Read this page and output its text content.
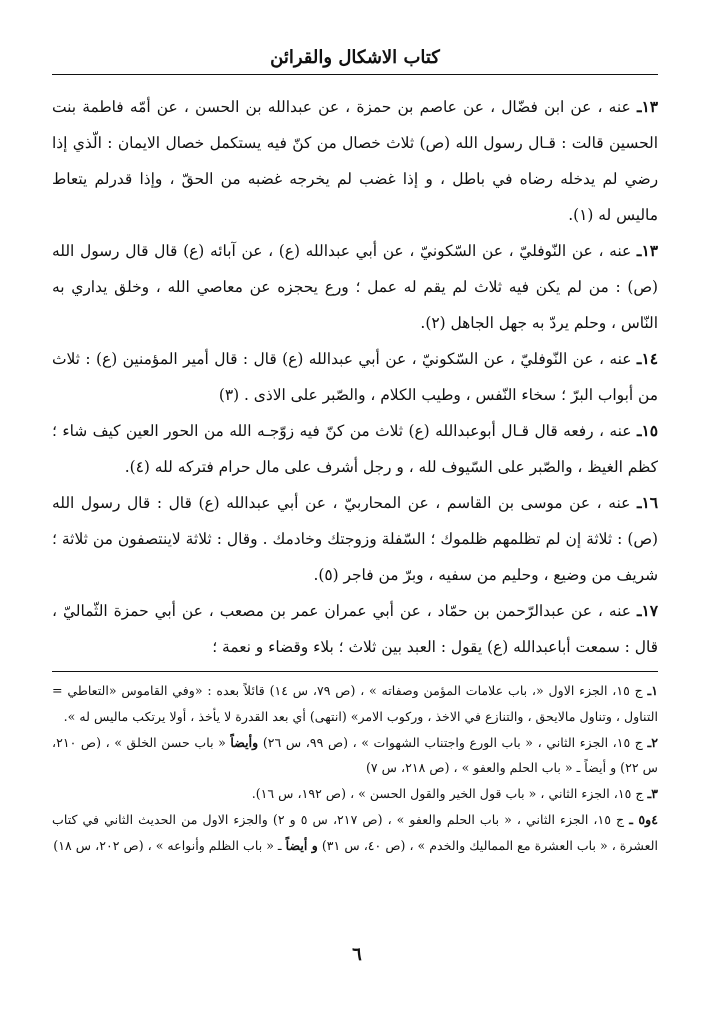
كتاب الاشكال والقرائن

١٣ـ عنه ، عن ابن فضّال ، عن عاصم بن حمزة ، عن عبدالله بن الحسن ، عن أمّه فاطمة بنت الحسين قالت : قـال رسول الله (ص) ثلاث خصال من كنّ فيه يستكمل خصال الايمان : الّذي إذا رضي لم يدخله رضاه في باطل ، و إذا غضب لم يخرجه غضبه من الحقّ ، وإذا قدرلم يتعاط ماليس له (١).

١٣ـ عنه ، عن النّوفليّ ، عن السّكونيّ ، عن أبي عبدالله (ع) ، عن آبائه (ع) قال قال رسول الله (ص) : من لم يكن فيه ثلاث لم يقم له عمل ؛ ورع يحجزه عن معاصي الله ، وخلق يداري به النّاس ، وحلم يردّ به جهل الجاهل (٢).

١٤ـ عنه ، عن النّوفليّ ، عن السّكونيّ ، عن أبي عبدالله (ع) قال : قال أمير المؤمنين (ع) : ثلاث من أبواب البرّ ؛ سخاء النّفس ، وطيب الكلام ، والصّبر على الاذى . (٣)

١٥ـ عنه ، رفعه قال قـال أبوعبدالله (ع) ثلاث من كنّ فيه زوّجـه الله من الحور العين كيف شاء ؛ كظم الغيظ ، والصّبر على السّيوف لله ، و رجل أشرف على مال حرام فتركه لله (٤).

١٦ـ عنه ، عن موسى بن القاسم ، عن المحاربيّ ، عن أبي عبدالله (ع) قال : قال رسول الله (ص) : ثلاثة إن لم تظلمهم ظلموك ؛ السّفلة وزوجتك وخادمك . وقال : ثلاثة لاينتصفون من ثلاثة ؛ شريف من وضيع ، وحليم من سفيه ، وبرّ من فاجر (٥).

١٧ـ عنه ، عن عبدالرّحمن بن حمّاد ، عن أبي عمران عمر بن مصعب ، عن أبي حمزة الثّماليّ ، قال : سمعت أباعبدالله (ع) يقول : العبد بين ثلاث ؛ بلاء وقضاء و نعمة ؛

١ـ ج ١٥، الجزء الاول «، باب علامات المؤمن وصفاته » ، (ص ٧٩، س ١٤) قائلاً بعده : «وفي القاموس «التعاطي = التناول ، وتناول مالايحق ، والتنازع في الاخذ ، وركوب الامر» (انتهى) أي بعد القدرة لا يأخذ ، أولا يرتكب ماليس له ».

٢ـ ج ١٥، الجزء الثاني ، « باب الورع واجتناب الشهوات » ، (ص ٩٩، س ٢٦) وأيضاً « باب حسن الخلق » ، (ص ٢١٠، س ٢٢) و أيضاً ـ « باب الحلم والعفو » ، (ص ٢١٨، س ٧)

٣ـ ج ١٥، الجزء الثاني ، « باب قول الخير والقول الحسن » ، (ص ١٩٢، س ١٦).

٤و٥ ـ ج ١٥، الجزء الثاني ، « باب الحلم والعفو » ، (ص ٢١٧، س ٥ و ٢) والجزء الاول من الحديث الثاني في كتاب العشرة ، « باب العشرة مع المماليك والخدم » ، (ص ٤٠، س ٣١) و أيضاً ـ « باب الظلم وأنواعه » ، (ص ٢٠٢، س ١٨)

٦
